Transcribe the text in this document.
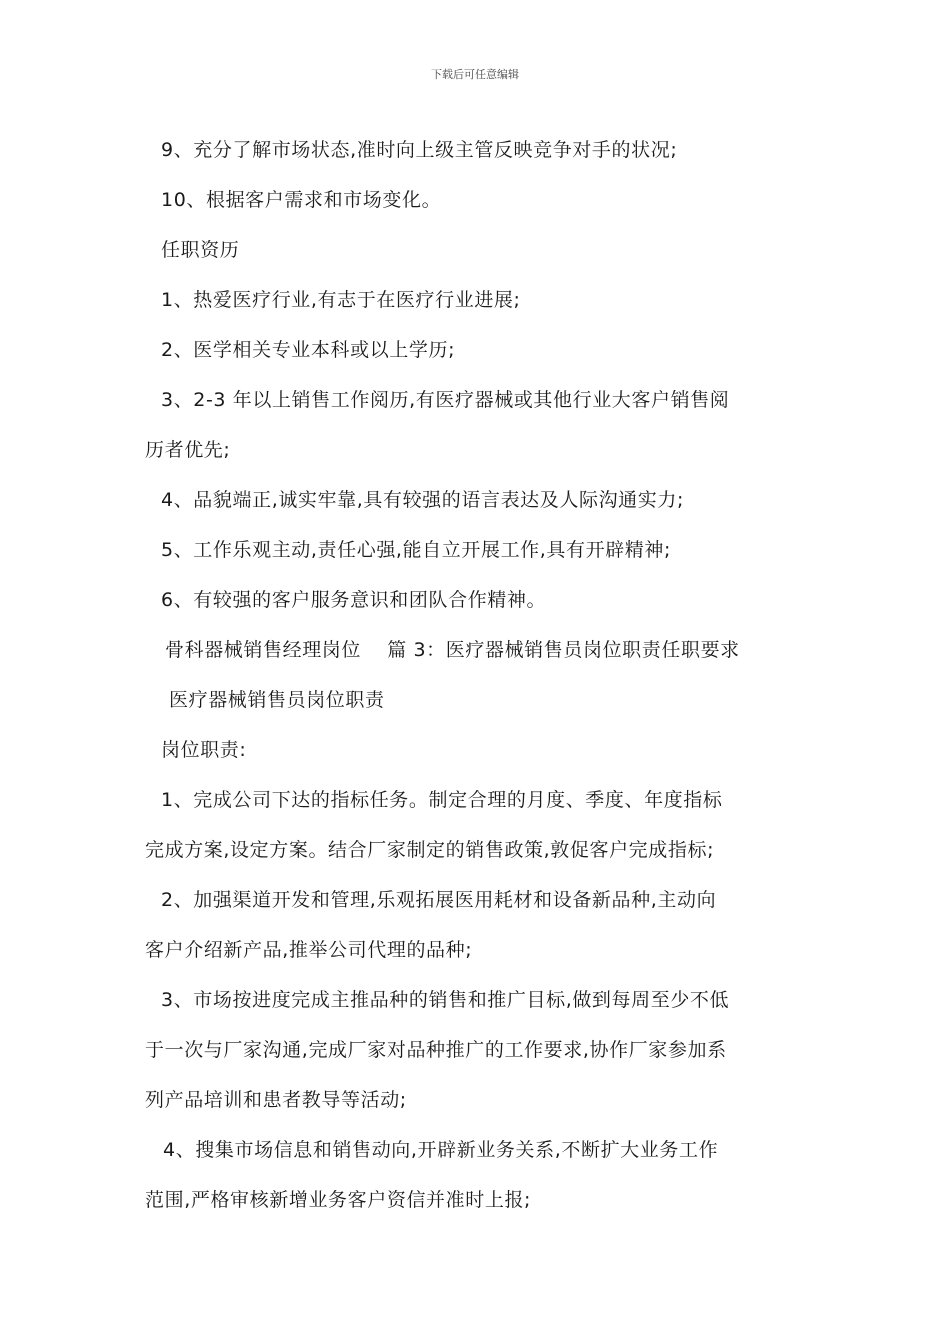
下载后可任意编辑
9、充分了解市场状态,准时向上级主管反映竞争对手的状况;
10、根据客户需求和市场变化。
任职资历
1、热爱医疗行业,有志于在医疗行业进展;
2、医学相关专业本科或以上学历;
3、2-3 年以上销售工作阅历,有医疗器械或其他行业大客户销售阅
历者优先;
4、品貌端正,诚实牢靠,具有较强的语言表达及人际沟通实力;
5、工作乐观主动,责任心强,能自立开展工作,具有开辟精神;
6、有较强的客户服务意识和团队合作精神。
骨科器械销售经理岗位　 篇 3：医疗器械销售员岗位职责任职要求
医疗器械销售员岗位职责
岗位职责:
1、完成公司下达的指标任务。制定合理的月度、季度、年度指标
完成方案,设定方案。结合厂家制定的销售政策,敦促客户完成指标;
2、加强渠道开发和管理,乐观拓展医用耗材和设备新品种,主动向
客户介绍新产品,推举公司代理的品种;
3、市场按进度完成主推品种的销售和推广目标,做到每周至少不低
于一次与厂家沟通,完成厂家对品种推广的工作要求,协作厂家参加系
列产品培训和患者教导等活动;
4、搜集市场信息和销售动向,开辟新业务关系,不断扩大业务工作
范围,严格审核新增业务客户资信并准时上报;
